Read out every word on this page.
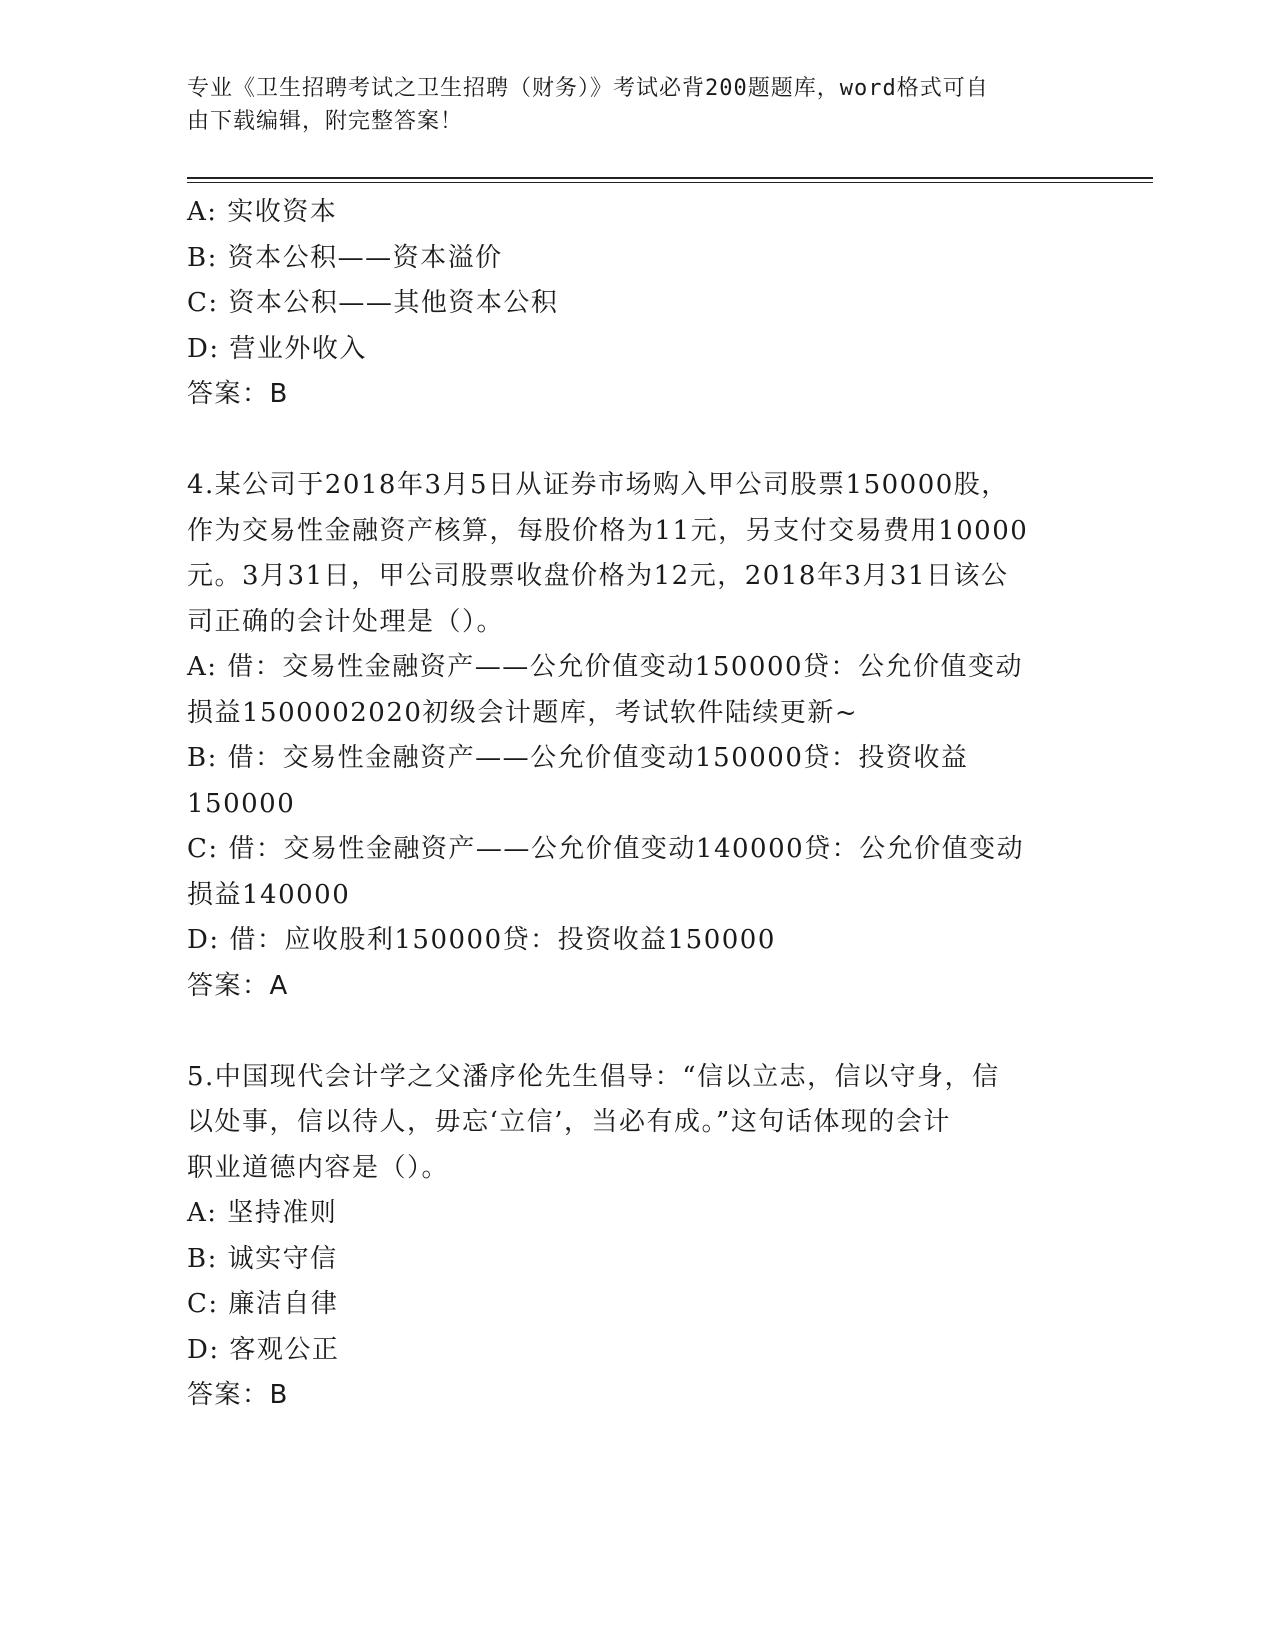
专业《卫生招聘考试之卫生招聘（财务）》考试必背200题题库，word格式可自
由下载编辑，附完整答案！
A: 实收资本
B: 资本公积——资本溢价
C: 资本公积——其他资本公积
D: 营业外收入
答案：B
4.某公司于2018年3月5日从证券市场购入甲公司股票150000股，
作为交易性金融资产核算，每股价格为11元，另支付交易费用10000
元。3月31日，甲公司股票收盘价格为12元，2018年3月31日该公
司正确的会计处理是（）。
A: 借：交易性金融资产——公允价值变动150000贷：公允价值变动
损益1500002020初级会计题库，考试软件陆续更新~
B: 借：交易性金融资产——公允价值变动150000贷：投资收益
150000
C: 借：交易性金融资产——公允价值变动140000贷：公允价值变动
损益140000
D: 借：应收股利150000贷：投资收益150000
答案：A
5.中国现代会计学之父潘序伦先生倡导：“信以立志，信以守身，信
以处事，信以待人，毋忘‘立信’，当必有成。”这句话体现的会计
职业道德内容是（）。
A: 坚持准则
B: 诚实守信
C: 廉洁自律
D: 客观公正
答案：B
